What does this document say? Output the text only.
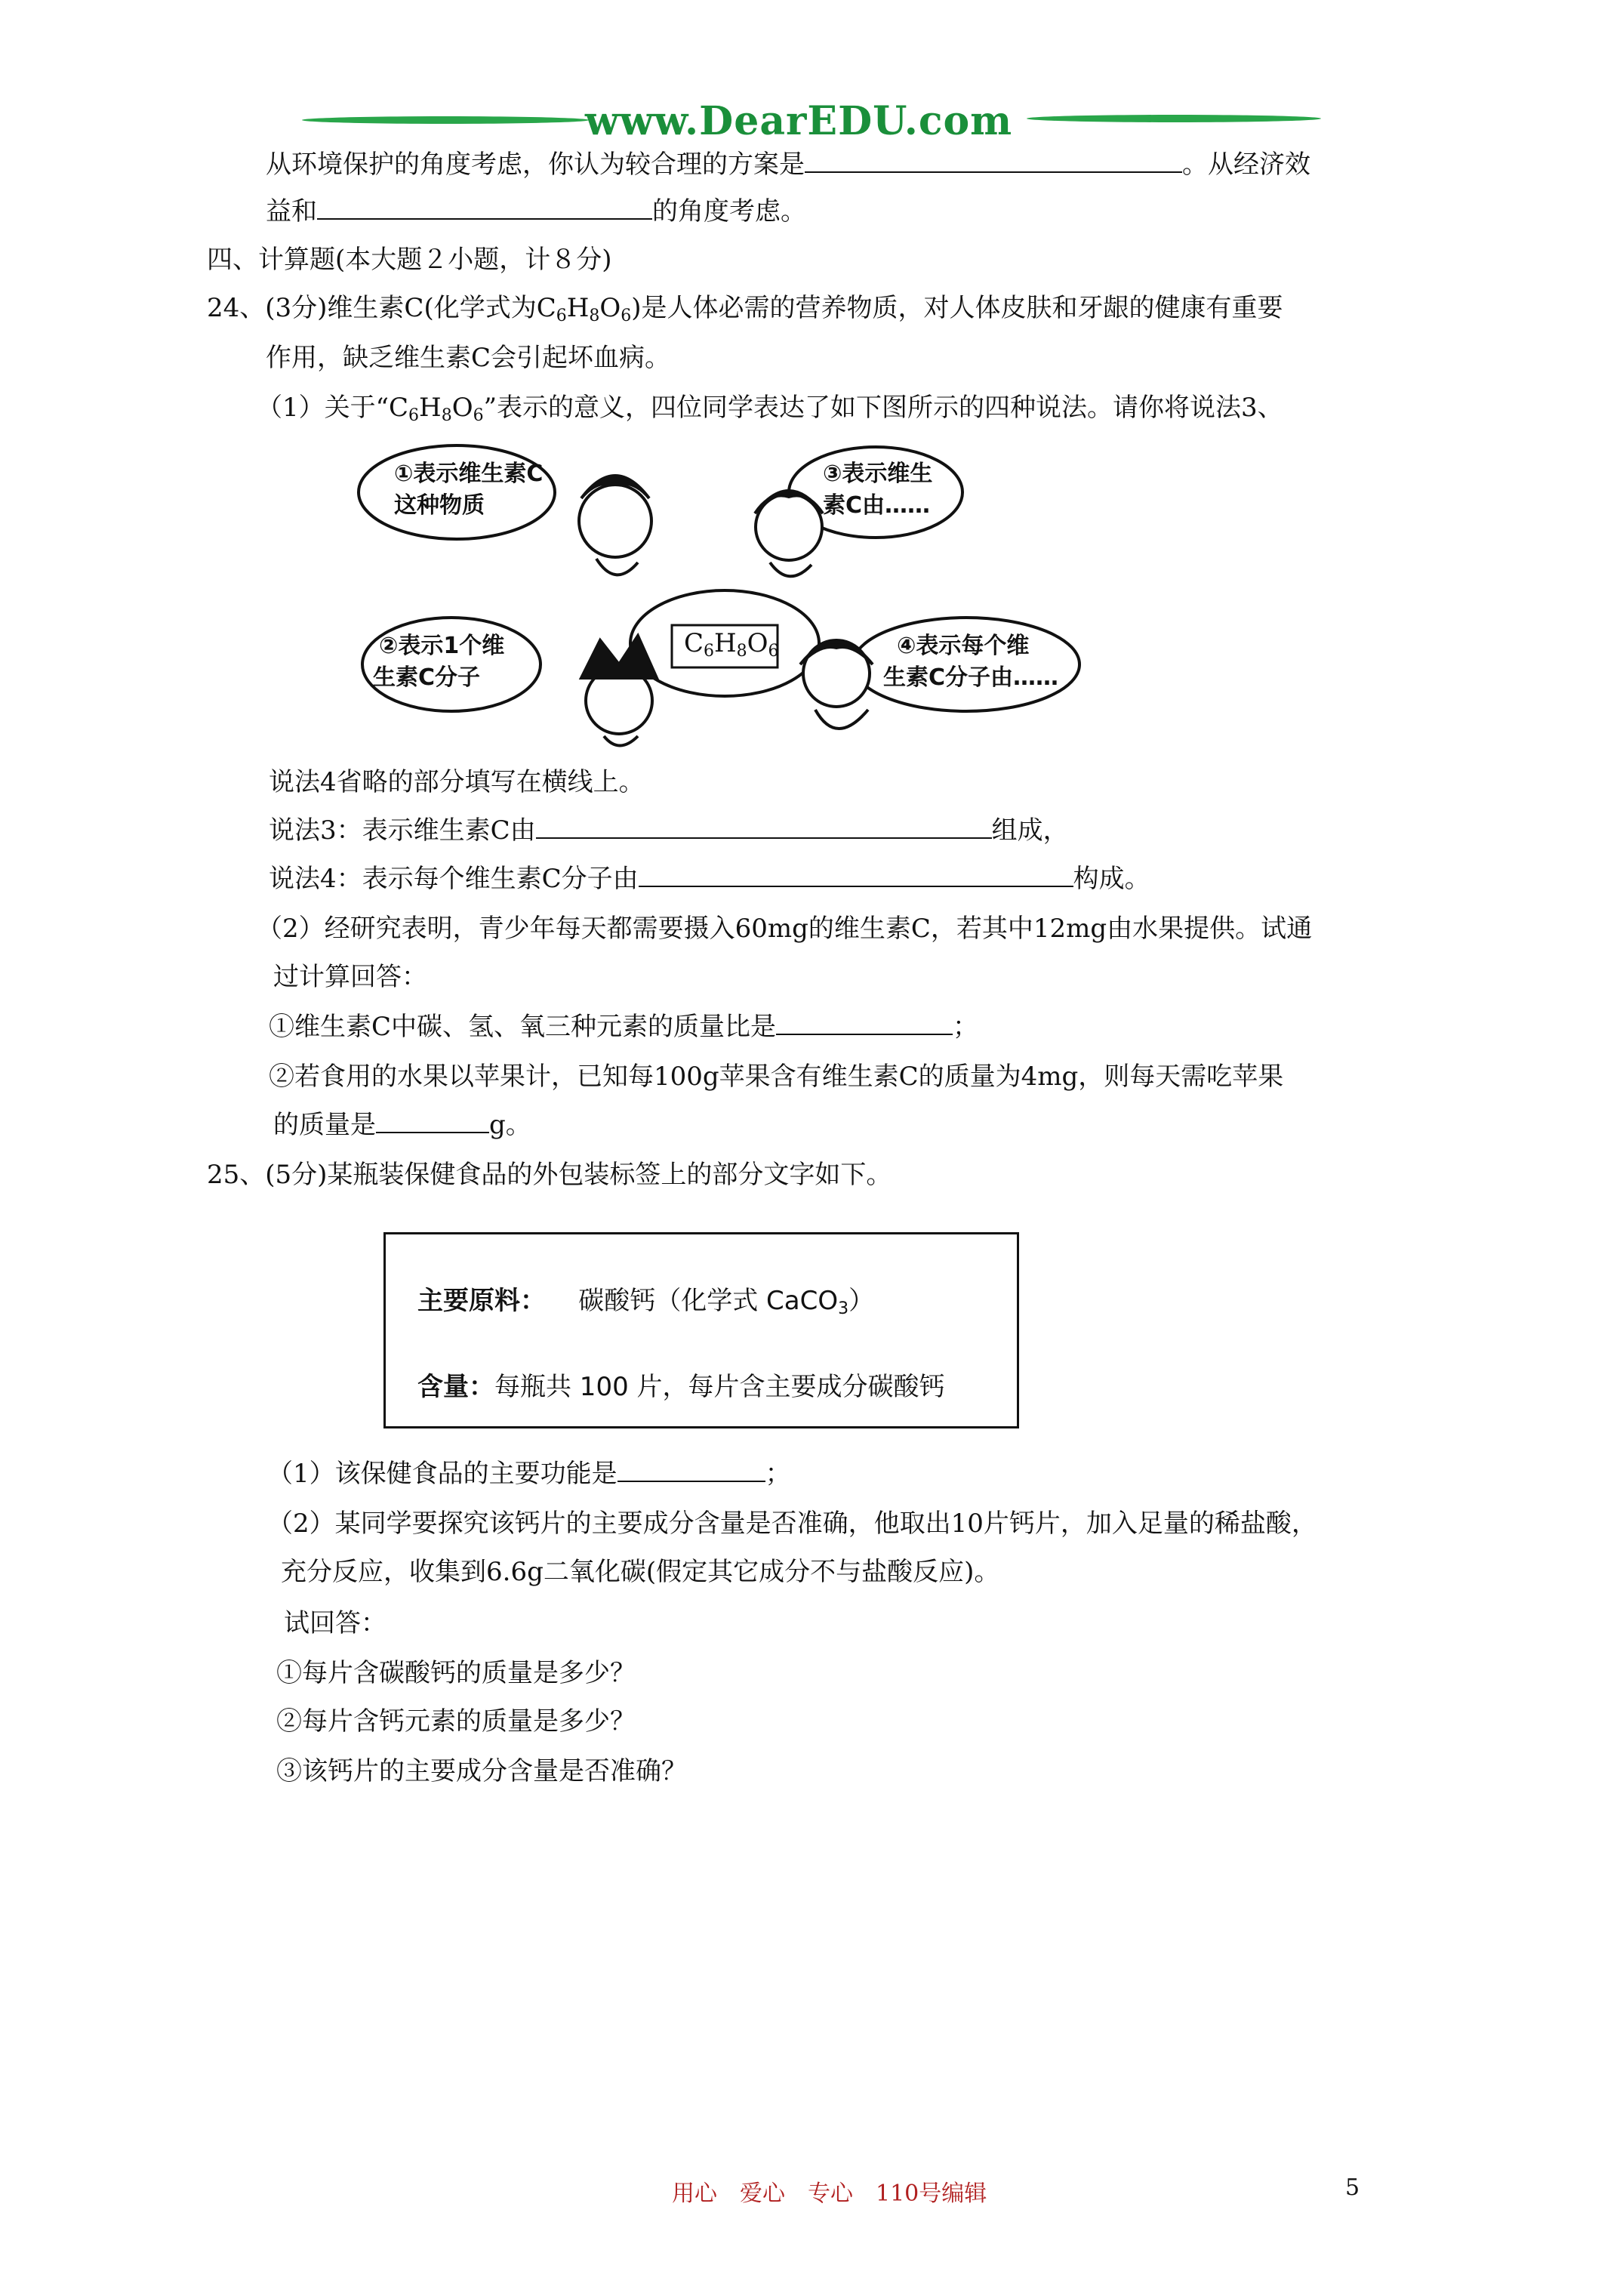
www.DearEDU.com
从环境保护的角度考虑，你认为较合理的方案是	。从经济效
益和	的角度考虑。
四、计算题(本大题２小题，计８分)
24、(3分)维生素C(化学式为$C_6H_8O_6$)是人体必需的营养物质，对人体皮肤和牙龈的健康有重要
作用，缺乏维生素C会引起坏血病。
（1）关于“$C_6H_8O_6$”表示的意义，四位同学表达了如下图所示的四种说法。请你将说法3、
①表示维生素C
这种物质
③表示维生
素C由……
②表示1个维
生素C分子
④表示每个维
生素C分子由……
$C_6H_8O_6$
说法4省略的部分填写在横线上。
说法3：表示维生素C由	组成，
说法4：表示每个维生素C分子由	构成。
（2）经研究表明，青少年每天都需要摄入60mg的维生素C，若其中12mg由水果提供。试通
过计算回答：
①维生素C中碳、氢、氧三种元素的质量比是	；
②若食用的水果以苹果计，已知每100g苹果含有维生素C的质量为4mg，则每天需吃苹果
的质量是	g。
25、(5分)某瓶装保健食品的外包装标签上的部分文字如下。
主要原料： 碳酸钙（化学式 CaCO$_3$）
含量：每瓶共 100 片，每片含主要成分碳酸钙
（1）该保健食品的主要功能是	；
（2）某同学要探究该钙片的主要成分含量是否准确，他取出10片钙片，加入足量的稀盐酸，
充分反应，收集到6.6g二氧化碳(假定其它成分不与盐酸反应)。
试回答：
①每片含碳酸钙的质量是多少？
②每片含钙元素的质量是多少？
③该钙片的主要成分含量是否准确？
用心　爱心　专心　110号编辑	5
